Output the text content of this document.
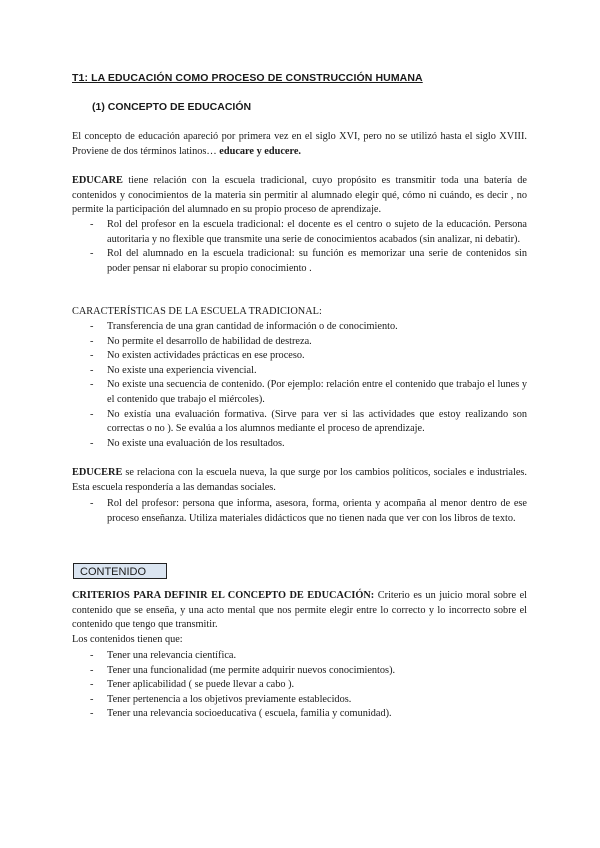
T1: LA EDUCACIÓN COMO PROCESO DE CONSTRUCCIÓN HUMANA
(1) CONCEPTO DE EDUCACIÓN
El concepto de educación apareció por primera vez en el siglo XVI, pero no se utilizó hasta el siglo XVIII. Proviene de dos términos latinos… educare y educere.
EDUCARE tiene relación con la escuela tradicional, cuyo propósito es transmitir toda una batería de contenidos y conocimientos de la materia sin permitir al alumnado elegir qué, cómo ni cuándo, es decir , no permite la participación del alumnado en su propio proceso de aprendizaje.
- Rol del profesor en la escuela tradicional: el docente es el centro o sujeto de la educación. Persona autoritaria y no flexible que transmite una serie de conocimientos acabados (sin analizar, ni debatir).
- Rol del alumnado en la escuela tradicional: su función es memorizar una serie de contenidos sin poder pensar ni elaborar su propio conocimiento .
CARACTERÍSTICAS DE LA ESCUELA TRADICIONAL:
- Transferencia de una gran cantidad de información o de conocimiento.
- No permite el desarrollo de habilidad de destreza.
- No existen actividades prácticas en ese proceso.
- No existe una experiencia vivencial.
- No existe una secuencia de contenido. (Por ejemplo: relación entre el contenido que trabajo el lunes y el contenido que trabajo el miércoles).
- No existía una evaluación formativa. (Sirve para ver si las actividades que estoy realizando son correctas o no ). Se evalúa a los alumnos mediante el proceso de aprendizaje.
- No existe una evaluación de los resultados.
EDUCERE se relaciona con la escuela nueva, la que surge por los cambios políticos, sociales e industriales. Esta escuela respondería a las demandas sociales.
- Rol del profesor: persona que informa, asesora, forma, orienta y acompaña al menor dentro de ese proceso enseñanza. Utiliza materiales didácticos que no tienen nada que ver con los libros de texto.
CONTENIDO
CRITERIOS PARA DEFINIR EL CONCEPTO DE EDUCACIÓN: Criterio es un juicio moral sobre el contenido que se enseña, y una acto mental que nos permite elegir entre lo correcto y lo incorrecto sobre el contenido que tengo que transmitir.
Los contenidos tienen que:
- Tener una relevancia científica.
- Tener una funcionalidad (me permite adquirir nuevos conocimientos).
- Tener aplicabilidad ( se puede llevar a cabo ).
- Tener pertenencia a los objetivos previamente establecidos.
- Tener una relevancia socioeducativa ( escuela, familia y comunidad).
